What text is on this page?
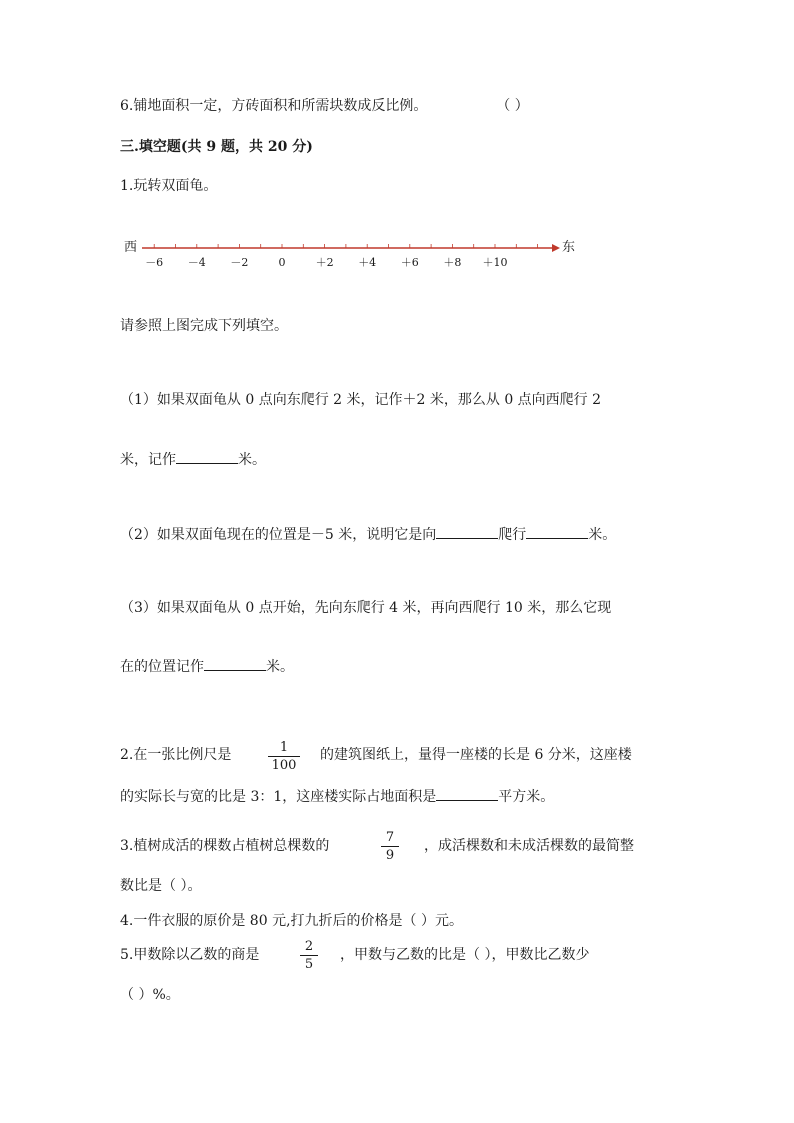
6.铺地面积一定，方砖面积和所需块数成反比例。	（ ）
三.填空题(共 9 题，共 20 分)
1.玩转双面龟。
西
－6 －4 －2	0	＋2 ＋4 ＋6 ＋8 ＋10
东
请参照上图完成下列填空。
（1）如果双面龟从 0 点向东爬行 2 米，记作＋2 米，那么从 0 点向西爬行 2
米，记作	米。
（2）如果双面龟现在的位置是－5 米，说明它是向	爬行	米。
（3）如果双面龟从 0 点开始，先向东爬行 4 米，再向西爬行 10 米，那么它现
在的位置记作	米。
2.在一张比例尺是	1
100
的建筑图纸上，量得一座楼的长是 6 分米，这座楼
的实际长与宽的比是 3：1，这座楼实际占地面积是	平方米。
3.植树成活的棵数占植树总棵数的
7
9
，成活棵数和未成活棵数的最简整
数比是（ ）。
4.一件衣服的原价是 80 元,打九折后的价格是（ ）元。
5.甲数除以乙数的商是
2
5
，甲数与乙数的比是（ ），甲数比乙数少
（ ）%。
